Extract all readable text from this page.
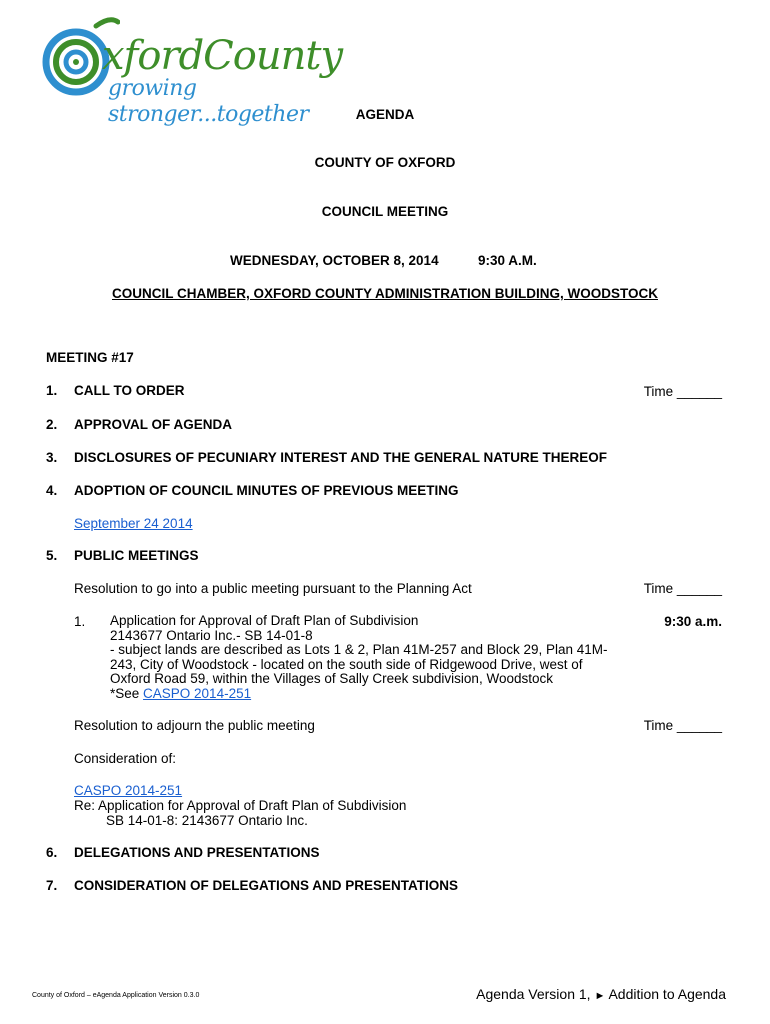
xfordCounty

growing stronger...together	AGENDA
COUNTY OF OXFORD
COUNCIL MEETING
WEDNESDAY, OCTOBER 8, 2014	9:30 A.M.
COUNCIL CHAMBER, OXFORD COUNTY ADMINISTRATION BUILDING, WOODSTOCK
MEETING #17
1. CALL TO ORDER	Time ______
2. APPROVAL OF AGENDA
3. DISCLOSURES OF PECUNIARY INTEREST AND THE GENERAL NATURE THEREOF
4. ADOPTION OF COUNCIL MINUTES OF PREVIOUS MEETING
September 24 2014
5. PUBLIC MEETINGS
Resolution to go into a public meeting pursuant to the Planning Act	Time ______
1.	9:30 a.m.
Application for Approval of Draft Plan of Subdivision
2143677 Ontario Inc.- SB 14-01-8
- subject lands are described as Lots 1 & 2, Plan 41M-257 and Block 29, Plan 41M-
243, City of Woodstock - located on the south side of Ridgewood Drive, west of
Oxford Road 59, within the Villages of Sally Creek subdivision, Woodstock
*See CASPO 2014-251
Resolution to adjourn the public meeting	Time ______
Consideration of:
CASPO 2014-251
Re: Application for Approval of Draft Plan of Subdivision
SB 14-01-8: 2143677 Ontario Inc.
6. DELEGATIONS AND PRESENTATIONS
7. CONSIDERATION OF DELEGATIONS AND PRESENTATIONS
County of Oxford – eAgenda Application Version 0.3.0	Agenda Version 1, ► Addition to Agenda
